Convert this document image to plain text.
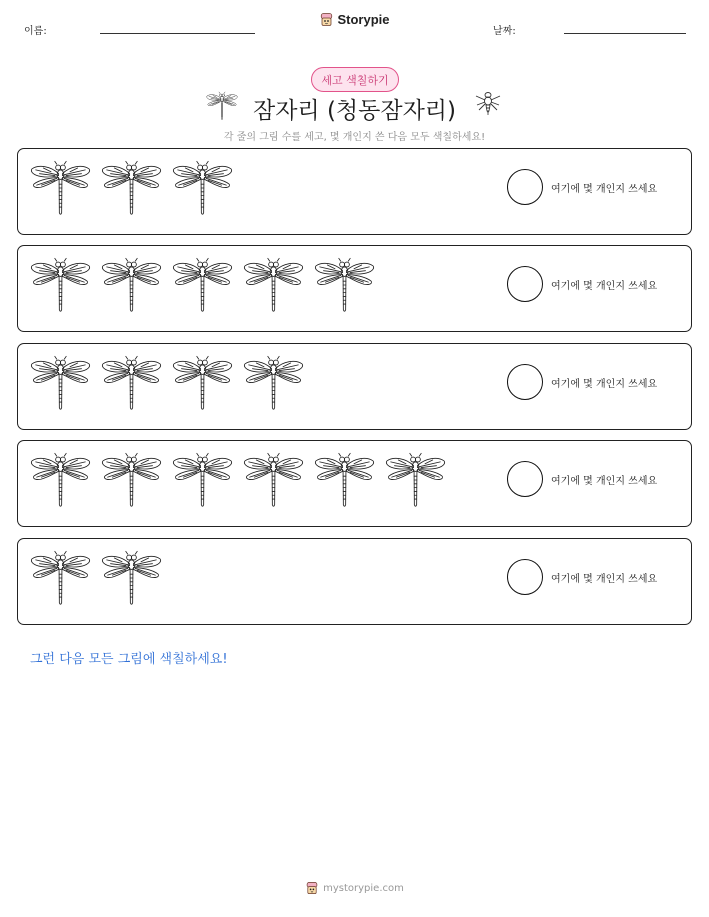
이름:
Storypie
날짜:
세고 색칠하기
잠자리 (청동잠자리)
각 줄의 그림 수를 세고, 몇 개인지 쓴 다음 모두 색칠하세요!
여기에 몇 개인지 쓰세요
여기에 몇 개인지 쓰세요
여기에 몇 개인지 쓰세요
여기에 몇 개인지 쓰세요
여기에 몇 개인지 쓰세요
그런 다음 모든 그림에 색칠하세요!
mystorypie.com
